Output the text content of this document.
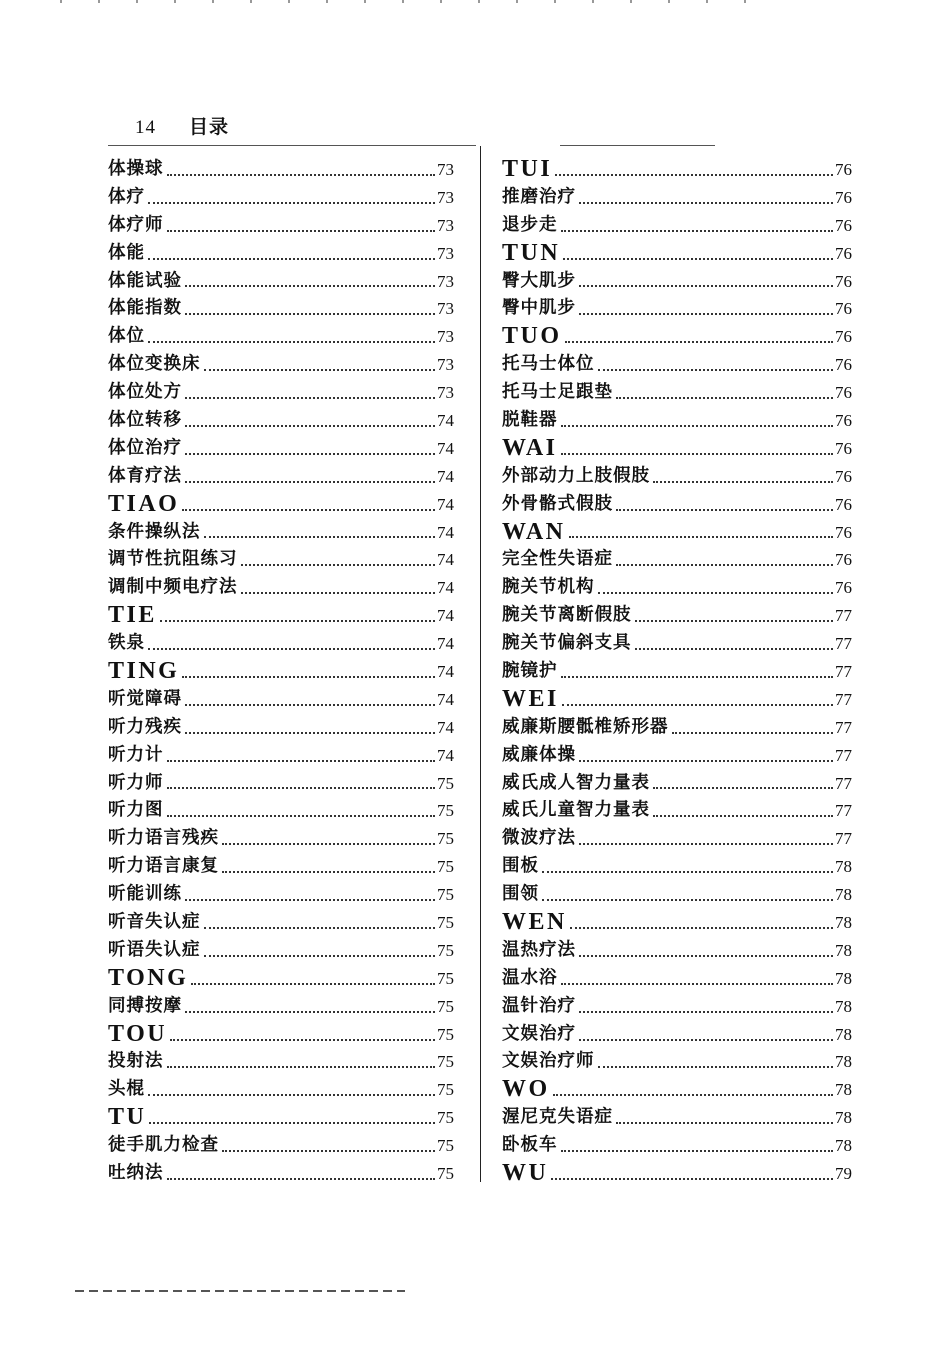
14 目录
体操球	73
体疗	73
体疗师	73
体能	73
体能试验	73
体能指数	73
体位	73
体位变换床	73
体位处方	73
体位转移	74
体位治疗	74
体育疗法	74
TIAO	74
条件操纵法	74
调节性抗阻练习	74
调制中频电疗法	74
TIE	74
铁泉	74
TING	74
听觉障碍	74
听力残疾	74
听力计	74
听力师	75
听力图	75
听力语言残疾	75
听力语言康复	75
听能训练	75
听音失认症	75
听语失认症	75
TONG	75
同搏按摩	75
TOU	75
投射法	75
头棍	75
TU	75
徒手肌力检查	75
吐纳法	75
TUI	76
推磨治疗	76
退步走	76
TUN	76
臀大肌步	76
臀中肌步	76
TUO	76
托马士体位	76
托马士足跟垫	76
脱鞋器	76
WAI	76
外部动力上肢假肢	76
外骨骼式假肢	76
WAN	76
完全性失语症	76
腕关节机构	76
腕关节离断假肢	77
腕关节偏斜支具	77
腕镜护	77
WEI	77
威廉斯腰骶椎矫形器	77
威廉体操	77
威氏成人智力量表	77
威氏儿童智力量表	77
微波疗法	77
围板	78
围领	78
WEN	78
温热疗法	78
温水浴	78
温针治疗	78
文娱治疗	78
文娱治疗师	78
WO	78
渥尼克失语症	78
卧板车	78
WU	79
